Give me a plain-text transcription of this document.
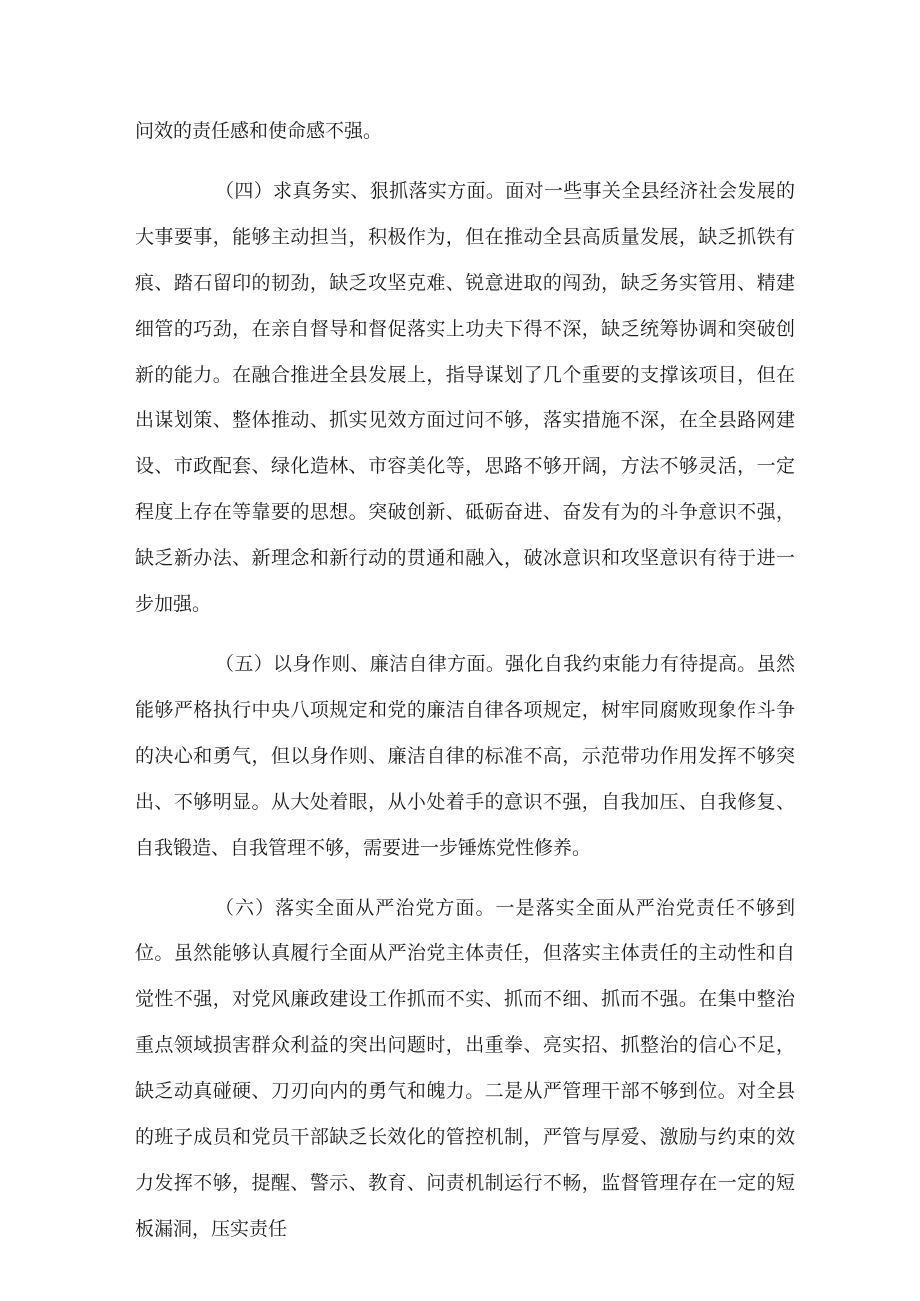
问效的责任感和使命感不强。

（四）求真务实、狠抓落实方面。面对一些事关全县经济社会发展的大事要事，能够主动担当，积极作为，但在推动全县高质量发展，缺乏抓铁有痕、踏石留印的韧劲，缺乏攻坚克难、锐意进取的闯劲，缺乏务实管用、精建细管的巧劲，在亲自督导和督促落实上功夫下得不深，缺乏统筹协调和突破创新的能力。在融合推进全县发展上，指导谋划了几个重要的支撑该项目，但在出谋划策、整体推动、抓实见效方面过问不够，落实措施不深，在全县路网建设、市政配套、绿化造林、市容美化等，思路不够开阔，方法不够灵活，一定程度上存在等靠要的思想。突破创新、砥砺奋进、奋发有为的斗争意识不强，缺乏新办法、新理念和新行动的贯通和融入，破冰意识和攻坚意识有待于进一步加强。

（五）以身作则、廉洁自律方面。强化自我约束能力有待提高。虽然能够严格执行中央八项规定和党的廉洁自律各项规定，树牢同腐败现象作斗争的决心和勇气，但以身作则、廉洁自律的标准不高，示范带功作用发挥不够突出、不够明显。从大处着眼，从小处着手的意识不强，自我加压、自我修复、自我锻造、自我管理不够，需要进一步锤炼党性修养。

（六）落实全面从严治党方面。一是落实全面从严治党责任不够到位。虽然能够认真履行全面从严治党主体责任，但落实主体责任的主动性和自觉性不强，对党风廉政建设工作抓而不实、抓而不细、抓而不强。在集中整治重点领域损害群众利益的突出问题时，出重拳、亮实招、抓整治的信心不足，缺乏动真碰硬、刀刃向内的勇气和魄力。二是从严管理干部不够到位。对全县的班子成员和党员干部缺乏长效化的管控机制，严管与厚爱、激励与约束的效力发挥不够，提醒、警示、教育、问责机制运行不畅，监督管理存在一定的短板漏洞，压实责任
